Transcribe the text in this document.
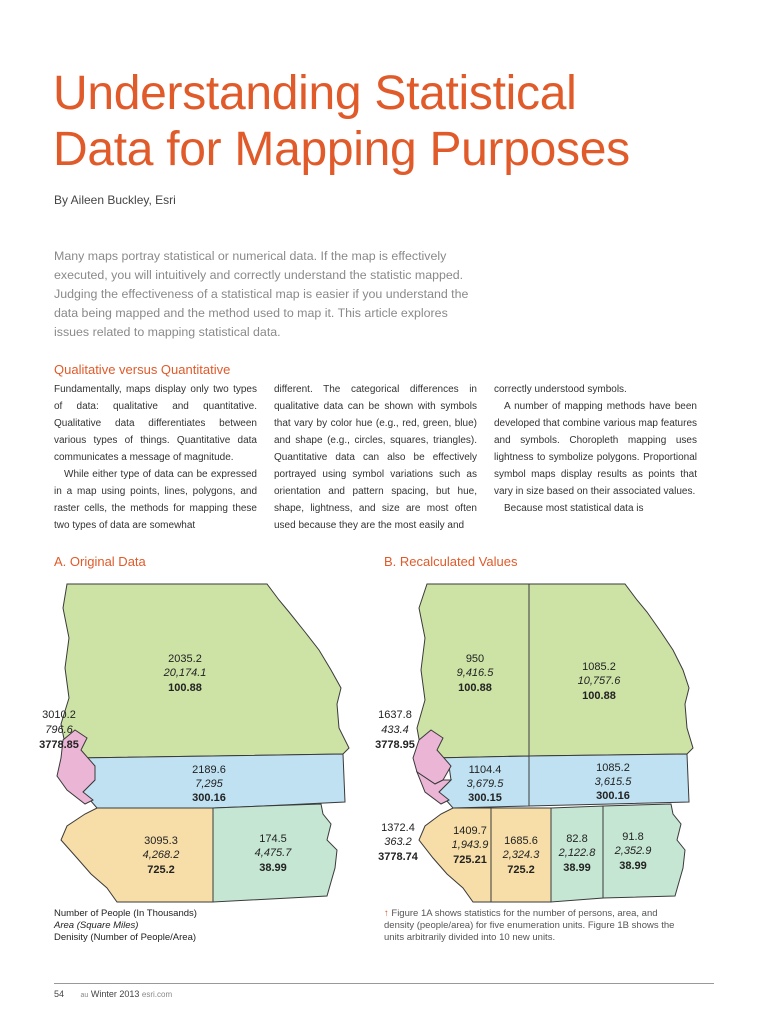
Understanding Statistical
Data for Mapping Purposes
By Aileen Buckley, Esri

Many maps portray statistical or numerical data. If the map is effectively executed, you will intuitively and correctly understand the statistic mapped. Judging the effectiveness of a statistical map is easier if you understand the data being mapped and the method used to map it. This article explores issues related to mapping statistical data.

Qualitative versus Quantitative

Fundamentally, maps display only two types of data: qualitative and quantitative. Qualitative data differentiates between various types of things. Quantitative data communicates a message of magnitude.

While either type of data can be expressed in a map using points, lines, polygons, and raster cells, the methods for mapping these two types of data are somewhat

different. The categorical differences in qualitative data can be shown with symbols that vary by color hue (e.g., red, green, blue) and shape (e.g., circles, squares, triangles). Quantitative data can also be effectively portrayed using symbol variations such as orientation and pattern spacing, but hue, shape, lightness, and size are most often used because they are the most easily and

correctly understood symbols.

A number of mapping methods have been developed that combine various map features and symbols. Choropleth mapping uses lightness to symbolize polygons. Proportional symbol maps display results as points that vary in size based on their associated values.

Because most statistical data is

A. Original Data	B. Recalculated Values
2035.2
20,174.1
100.88
3010.2
796.6
3778.85
2189.6
7,295
300.16
3095.3
4,268.2
725.2
174.5
4,475.7
38.99
950
9,416.5
100.88
1085.2
10,757.6
100.88
1637.8
433.4
3778.95
1372.4
363.2
3778.74
1104.4
3,679.5
300.15
1085.2
3,615.5
300.16
1409.7
1,943.9
725.21
1685.6
2,324.3
725.2
82.8
2,122.8
38.99
91.8
2,352.9
38.99
Number of People (In Thousands)
Area (Square Miles)
Denisity (Number of People/Area)
↑ Figure 1A shows statistics for the number of persons, area, and density (people/area) for five enumeration units. Figure 1B shows the units arbitrarily divided into 10 new units.
54 au Winter 2013 esri.com
